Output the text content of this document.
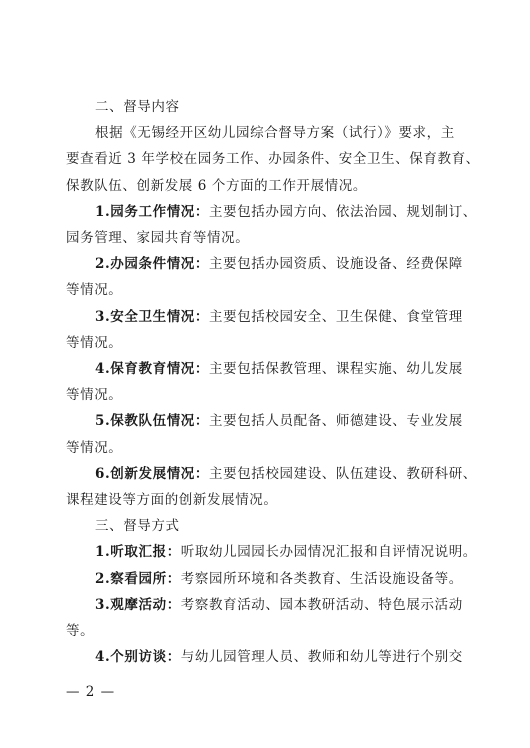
二、督导内容
根据《无锡经开区幼儿园综合督导方案（试行）》要求，主
要查看近 3 年学校在园务工作、办园条件、安全卫生、保育教育、
保教队伍、创新发展 6 个方面的工作开展情况。
1.园务工作情况：主要包括办园方向、依法治园、规划制订、
园务管理、家园共育等情况。
2.办园条件情况：主要包括办园资质、设施设备、经费保障
等情况。
3.安全卫生情况：主要包括校园安全、卫生保健、食堂管理
等情况。
4.保育教育情况：主要包括保教管理、课程实施、幼儿发展
等情况。
5.保教队伍情况：主要包括人员配备、师德建设、专业发展
等情况。
6.创新发展情况：主要包括校园建设、队伍建设、教研科研、
课程建设等方面的创新发展情况。
三、督导方式
1.听取汇报：听取幼儿园园长办园情况汇报和自评情况说明。
2.察看园所：考察园所环境和各类教育、生活设施设备等。
3.观摩活动：考察教育活动、园本教研活动、特色展示活动
等。
4.个别访谈：与幼儿园管理人员、教师和幼儿等进行个别交
— 2 —
